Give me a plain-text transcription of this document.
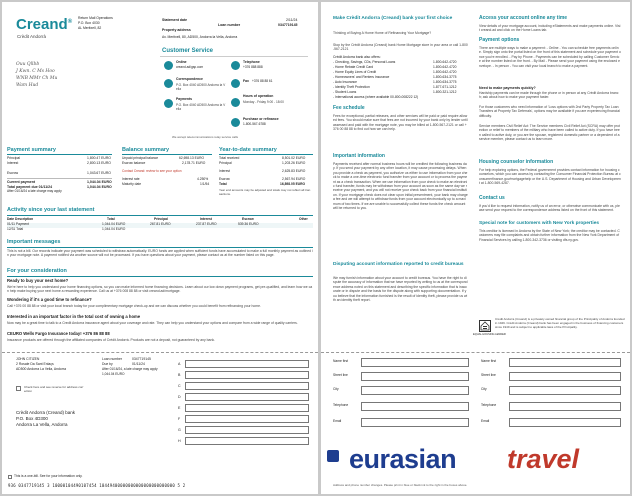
Creand®
Crèdit Andorrà
Return Mail Operations
P.O. Box 4030
AL Meritxell, 82
Statement date	2/11/24
Loan number	0347719145
Property address
Av. Meritxell, 80, AD500, Andorra la Vella, Andorra
Ouu Qllbb
J Kwn. C Ms Hoo
WNB MMr Ch Mu
Wam Hud
Customer Service
Online
creand.ad/gsp.com
Telephone
+376 888 888
Correspondence
P.O. Box 4040 AD500 Andorra la Vella
Fax +376 88 88 61
Payments
P.O. Box 4040 AD500 Andorra la Vella
Hours of operation
Monday - Friday 9:00 - 18:00
Purchase or refinance
1-800-567-6788
We accept telecommunications relay service calls
Payment summary	Balance summary	Year-to-date summary
Principal	1,800.47 EURO
Interest	2,800.13 EURO
Escrow	1,043.67 EURO
Current payment	1,044.04 EURO
Total payment due 01/11/24	1,044.04 EURO
After 01/16/24 a late charge may apply
Unpaid principal balance	62,698.13 EURO
Escrow balance	2,178.71 EURO
Contact Creand: review to see your option
Interest rate	4.250%
Maturity date	1/1/54
Total received	8,501.02 EURO
Principal	1,203.26 EURO
Interest	2,625.83 EURO
Escrow	2,567.94 EURO
Total	16,898.05 EURO
Year end amounts may be adjusted and totals may not reflect all transactions.
Activity since your last statement
Date Description	Total	Principal	Interest	Escrow	Other
01/11 Payment	1,044.04 EURO	267.81 EURO	237.87 EURO	539.36 EURO
12/31 Total	1,044.04 EURO
Important messages
This is not a bill. Our records indicate your payment was scheduled to withdraw automatically. EURO funds are applied when sufficient funds have accumulated to make a full monthly payment as outlined in your mortgage note. A payment notified via another source will not be processed. If you have questions about your payment, please contact us at the number listed on this page.
For your consideration
Ready to buy your next home?
We're here to help you understand your home financing options, so you can make informed home financing decisions. Learn about our low down payment programs, get pre-qualified, and learn how we can help make buying your next home a rewarding experience. Call us at +376 008 88 88 or visit creand.ad/mortgage.
Wondering if it's a good time to refinance?
Call +376 00 88 88 or visit your local branch today for your complimentary mortgage check-up and we can discuss whether you could benefit from refinancing your home.
Interested in an important factor in the total cost of owning a home
Now may be a great time to talk to a Credit Andorra insurance agent about your coverage and rate. They can help you understand your options and compare from a wide range of quality carriers.
CEURO Wells Fargo Insurance today! +376 86 88 88
Insurance products are offered through the affiliated companies of Crèdit Andorrà. Products are not a deposit, not guaranteed by any bank.
JOHN CITIZEN
2 Rosale Da Sant Enlaçs
AD500 Andorra La Vella, Andorra
Loan number	0347719145
Due by	01/11/24
After 01/16/24, a late charge may apply
1,044.04 EURO
Check here and see reverse for address correction
Crèdit Andorra (Creand) bank
P.O. Box 4D300
Andorra La Vella, Andorra
A
B
C
D
E
F
G
H
This is a one-bill. See for your information only.
936 0347719145 3 10000104490107454 10449400000000000000000000000 5 2
Make Crèdit Andorra (Creand) bank your first choice
Thinking of Buying A Home Home of Refinancing Your Mortgage?
Stop by the Crèdit Andorra (Creand) bank Home Mortgage store in your area or call 1-800-567-2121
Crèdit Andorra bank also offers:
- Checking, Savings, CDs, Personal Loans	1-800-642-4720
- Home Rebate Credit Card	1-800-642-4720
- Home Equity Lines of Credit	1-800-642-4720
- Homeowners' and Renters Insurance	1-800-634-3775
- Auto Insurance	1-800-634-3775
- Identity Theft Protection	1-877-671-1212
- Student Loans	1-800-321-1212
- International access (where available 00-800-008222 12)
Fee schedule
Fees for exceptional, partial releases, and other services will be paid or paid require allowed fees. You should make sure that fees are not incurred by your bank only by lender until assessed and paid with the mortgage note, you may be billed at 1-800-567-2121 or call +376 00 88 88 to find out how we can help.
Important information
Payments received after normal business hours will be credited the following business day. If you send your payment by any other location, it may cause processing delays. When you provide a check as payment, you authorize us either to use information from your check to make a one-time electronic fund transfer from your account or to process the payment as a check transaction. When we use information from your check to make an electronic fund transfer, funds may be withdrawn from your account as soon as the same day we receive your payment, and you will not receive your check back from your financial institution. If your mortgage check does not clear upon initial presentment, your bank may charge a fee and we will attempt to withdraw funds from your account electronically up to a maximum of two times. If we are unable to successfully collect these funds the check amount will be returned to you.
Disputing account information reported to credit bureaus
We may furnish information about your account to credit bureaus. You have the right to dispute the accuracy of information that we have reported by writing to us at the correspondence address noted on this statement and describing the specific information that is inaccurate or in dispute and the basis for the dispute along with supporting documentation. If you believe that the information furnished is the result of identity theft, please provide us with an identity theft report.
Access your account online any time
View details of your mortgage account, including eStatements and make payments online. Visit creand.ad and click on the Home Loans tab.
Payment options
There are multiple ways to make a payment: - Online - You can schedule free payments online. Simply sign onto the portal listed on the front of this statement and schedule your payment once you're enrolled. - Pay by Phone - Payments can be scheduled by calling Customer Service at the number listed on the front. - By Mail - Please send your payment using the enclosed envelope. - In person - You can visit your local branch to make a payment.
Need to make payments quickly?
Hardship payments can be made through the phone or in person at any Crèdit Andorra branch; ask about how to make your payment faster.
For those customers who need information of 'Loss options with 2nd Party Property Tax Loan Transfers at Property Tax Deferrals', options may be available if you are experiencing financial difficulty.
Service members Civil Relief Act: The Service members Civil Relief Act (SCRA) may offer protection or relief to members of the military who have been called to active duty. If you have been called to active duty, or you are the spouse, registered domestic partner or a dependent of a service member, please contact us to learn more.
Housing counselor information
For help exploring options, the Federal government provides contact information for housing counselors, which you can access by contacting the Consumer Financial Protection Bureau at consumerfinance.gov/mortgagehelp or the U.S. Department of Housing and Urban Development at 1-800-569-4287.
Contact us
If you'd like to request information, notify us of an error, or otherwise communicate with us, please send your request to the correspondence address listed on the front of this statement.
Special note for customers with New York properties
This creditor is licensed in Andorra by the State of New York; the creditor may be contacted. Customers may file complaints and obtain further information from the New York Department of Financial Services by calling 1-800-342-3736 or visiting dfs.ny.gov.
EQUAL HOUSING LENDER
Crèdit Andorra (Creand) is a privately owned financial group of the Principality of Andorra founded in 1949. Crèdit Andorra (Creand) bank has been engaged in the business of financing customers since 1949 and is subject to applicable laws of the Principality.
Name first
Street line
City
Telephone
Email
Name first
Street line
City
Telephone
Email
eurasian travel
Address and phone number changes. Please print in blue or black ink to the right in the boxes above.
